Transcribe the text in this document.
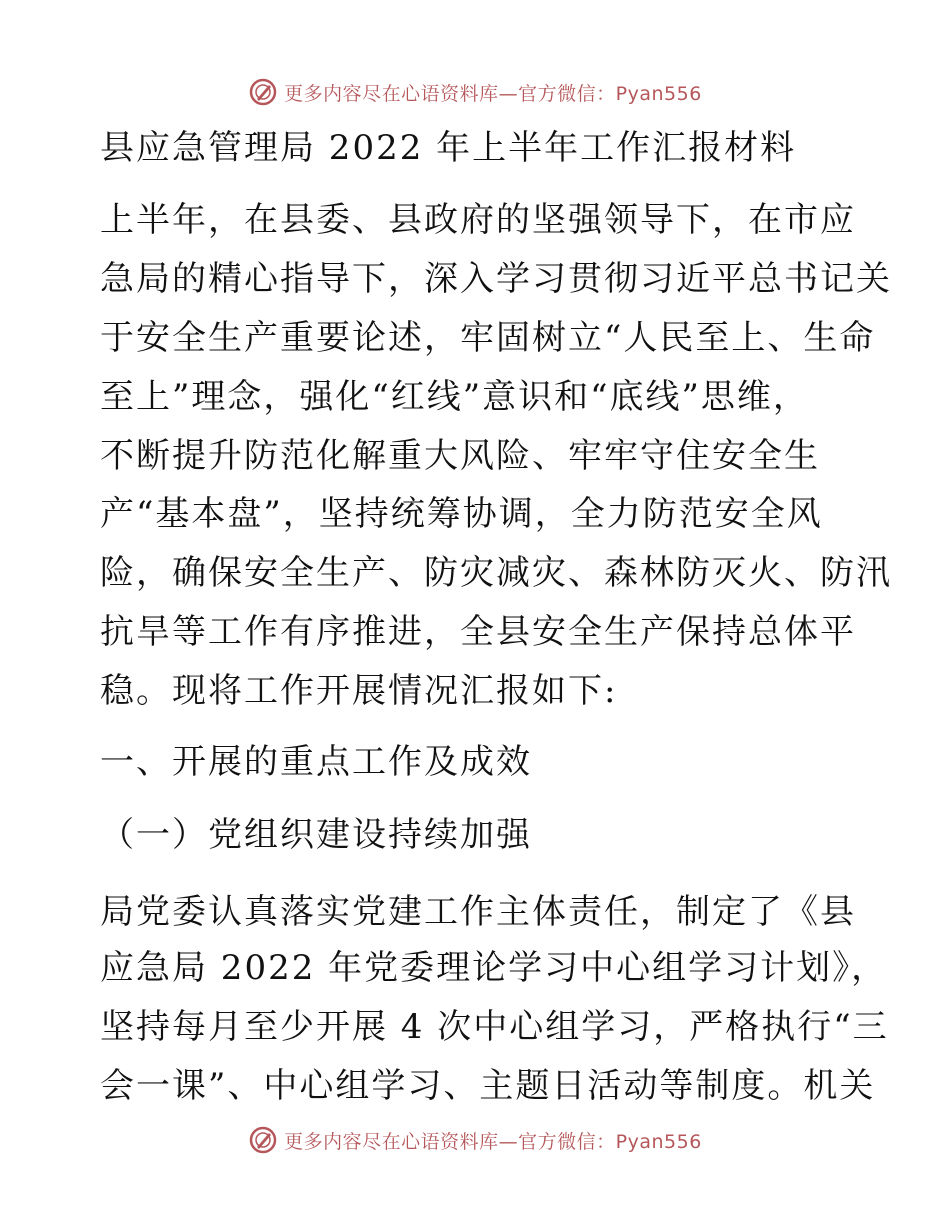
更多内容尽在心语资料库—官方微信：Pyan556
县应急管理局 2022 年上半年工作汇报材料
上半年，在县委、县政府的坚强领导下，在市应
急局的精心指导下，深入学习贯彻习近平总书记关
于安全生产重要论述，牢固树立“人民至上、生命
至上”理念，强化“红线”意识和“底线”思维，
不断提升防范化解重大风险、牢牢守住安全生
产“基本盘”，坚持统筹协调，全力防范安全风
险，确保安全生产、防灾减灾、森林防灭火、防汛
抗旱等工作有序推进，全县安全生产保持总体平
稳。现将工作开展情况汇报如下:
一、开展的重点工作及成效
（一）党组织建设持续加强
局党委认真落实党建工作主体责任，制定了《县
应急局 2022 年党委理论学习中心组学习计划》，
坚持每月至少开展 4 次中心组学习，严格执行“三
会一课”、中心组学习、主题日活动等制度。机关
更多内容尽在心语资料库—官方微信：Pyan556
